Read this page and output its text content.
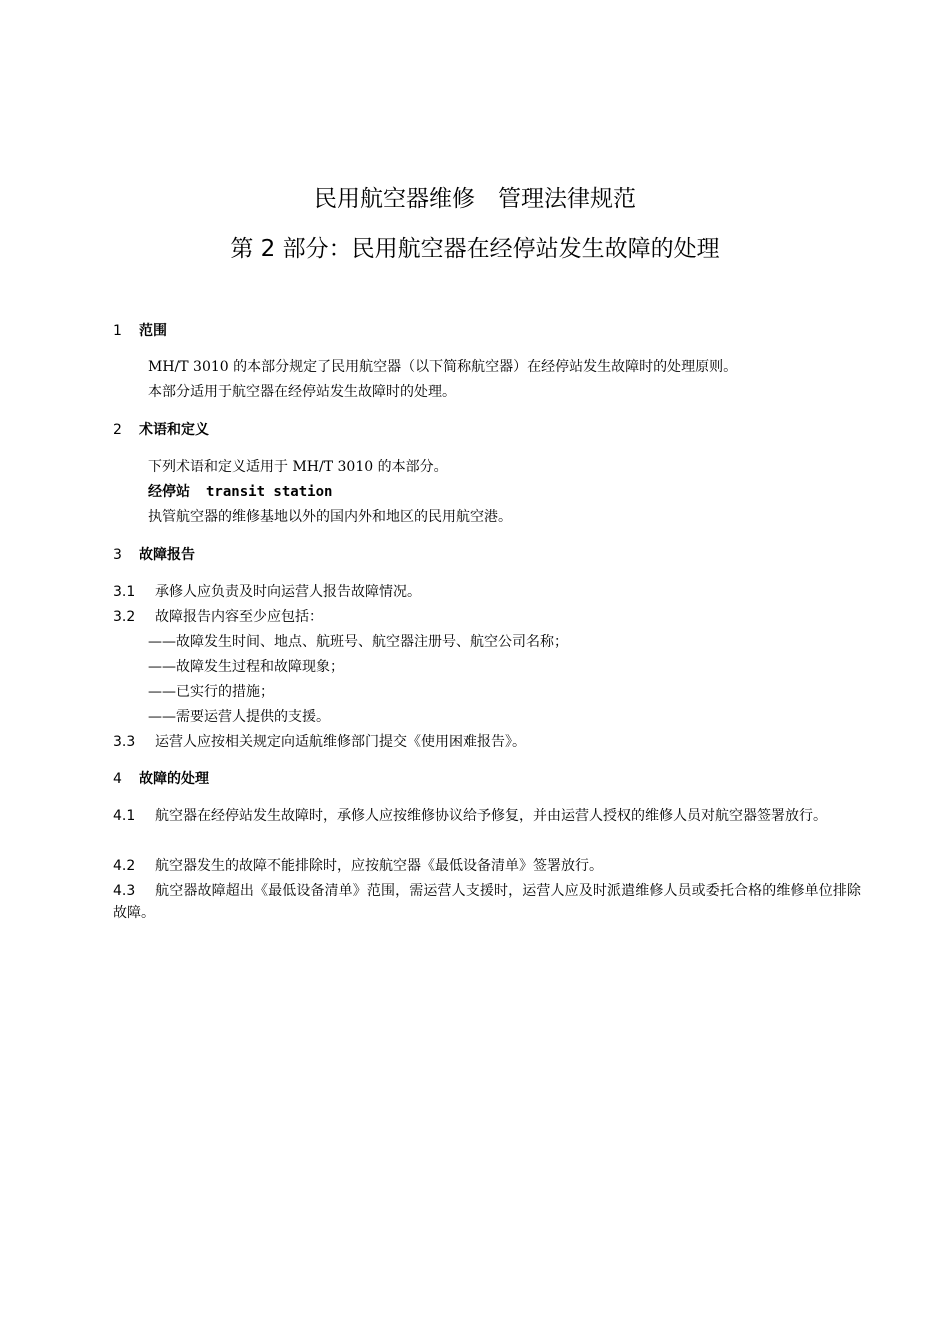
民用航空器维修　管理法律规范
第 2 部分：民用航空器在经停站发生故障的处理
1 范围
MH/T 3010 的本部分规定了民用航空器（以下简称航空器）在经停站发生故障时的处理原则。
本部分适用于航空器在经停站发生故障时的处理。
2 术语和定义
下列术语和定义适用于 MH/T 3010 的本部分。
经停站 transit station
执管航空器的维修基地以外的国内外和地区的民用航空港。
3 故障报告
3.1 承修人应负责及时向运营人报告故障情况。
3.2 故障报告内容至少应包括：
——故障发生时间、地点、航班号、航空器注册号、航空公司名称；
——故障发生过程和故障现象；
——已实行的措施；
——需要运营人提供的支援。
3.3 运营人应按相关规定向适航维修部门提交《使用困难报告》。
4 故障的处理
4.1 航空器在经停站发生故障时，承修人应按维修协议给予修复，并由运营人授权的维修人员对航空器签署放行。
4.2 航空器发生的故障不能排除时，应按航空器《最低设备清单》签署放行。
4.3 航空器故障超出《最低设备清单》范围，需运营人支援时，运营人应及时派遣维修人员或委托合格的维修单位排除故障。
